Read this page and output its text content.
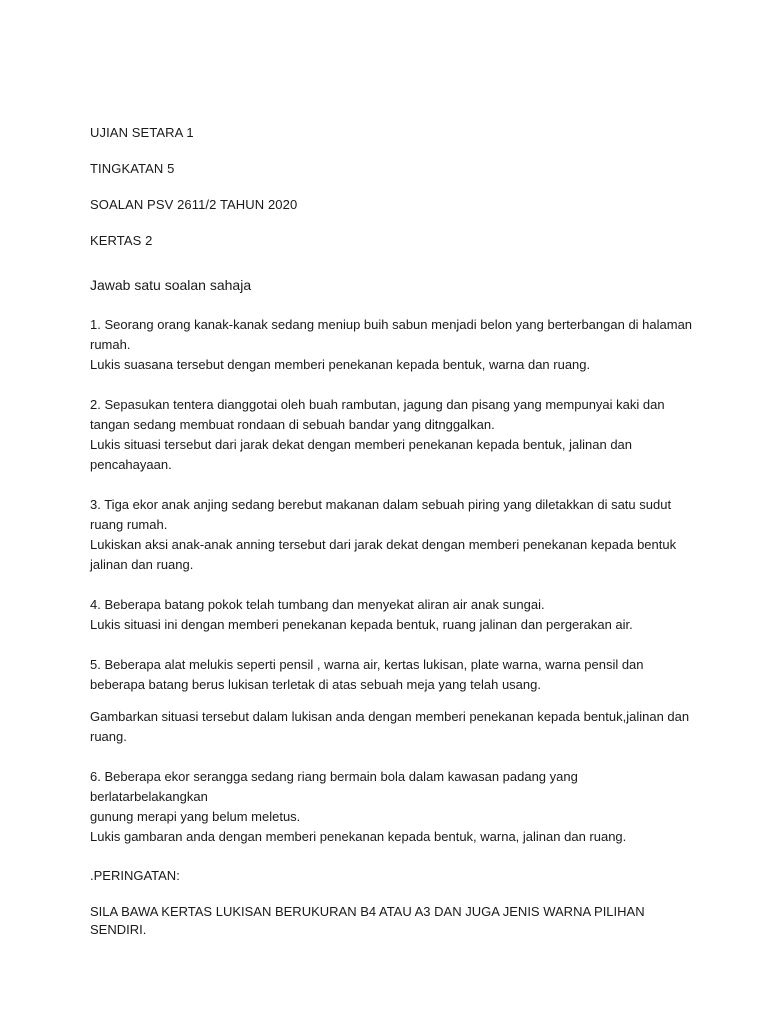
UJIAN SETARA 1
TINGKATAN 5
SOALAN PSV 2611/2 TAHUN 2020
KERTAS 2
Jawab satu soalan sahaja
1. Seorang orang kanak-kanak sedang meniup buih sabun menjadi belon yang berterbangan di halaman
rumah.
Lukis suasana tersebut dengan memberi penekanan kepada bentuk, warna dan ruang.
2. Sepasukan tentera dianggotai oleh buah rambutan, jagung dan pisang yang mempunyai kaki dan
tangan sedang membuat rondaan di sebuah bandar yang ditnggalkan.
Lukis situasi tersebut dari jarak dekat dengan memberi penekanan kepada bentuk, jalinan dan
pencahayaan.
3. Tiga ekor anak anjing sedang berebut makanan dalam sebuah piring yang diletakkan di satu sudut
ruang rumah.
Lukiskan aksi anak-anak anning tersebut dari jarak dekat dengan memberi penekanan kepada bentuk
jalinan dan ruang.
4. Beberapa batang pokok telah tumbang dan menyekat aliran air anak sungai.
Lukis situasi ini dengan memberi penekanan kepada bentuk, ruang jalinan dan pergerakan air.
5. Beberapa alat melukis seperti pensil , warna air, kertas lukisan, plate warna, warna pensil dan
beberapa batang berus lukisan terletak di atas sebuah meja yang telah usang.
Gambarkan situasi tersebut dalam lukisan anda dengan memberi penekanan kepada bentuk,jalinan dan
ruang.
6. Beberapa ekor serangga sedang riang bermain bola dalam kawasan padang yang berlatarbelakangkan
gunung merapi yang belum meletus.
Lukis gambaran anda dengan memberi penekanan kepada bentuk, warna, jalinan dan ruang.
.PERINGATAN:
SILA BAWA KERTAS LUKISAN BERUKURAN B4 ATAU A3 DAN JUGA JENIS WARNA PILIHAN SENDIRI.
